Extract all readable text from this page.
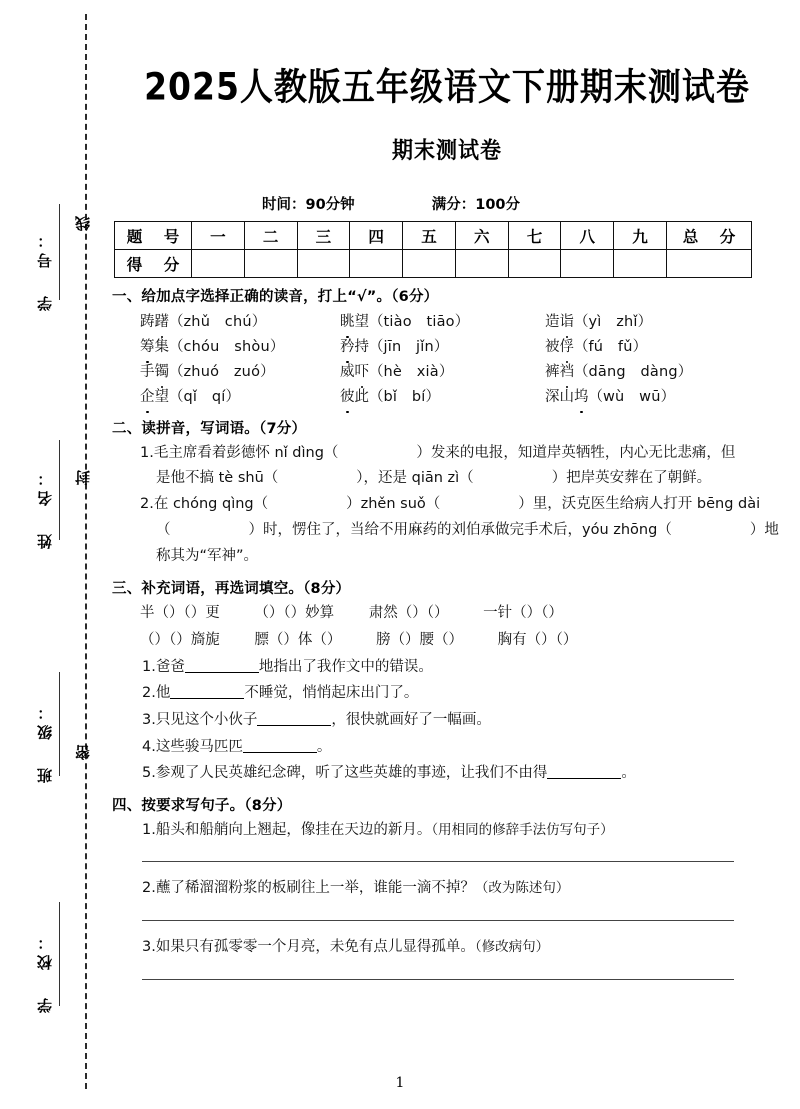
线
封
密
学 号：
姓 名：
班 级：
学 校：
2025人教版五年级语文下册期末测试卷
期末测试卷
时间：90分钟	满分：100分
题 号	一	二	三	四	五	六	七	八	九	总 分
得 分										
一、给加点字选择正确的读音，打上“√”。（6分）
踌躇（zhǔ　chú）	眺望（tiào　tiāo）	造诣（yì　zhǐ）
筹集（chóu　shòu）	矜持（jīn　jǐn）	被俘（fú　fǔ）
手镯（zhuó　zuó）	威吓（hè　xià）	裤裆（dāng　dàng）
企望（qǐ　qí）	彼此（bǐ　bí）	深山坞（wù　wū）
二、读拼音，写词语。（7分）
1.毛主席看着彭德怀 nǐ dìng（	）发来的电报，知道岸英牺牲，内心无比悲痛，但
是他不搞 tè shū（	），还是 qiān zì（	）把岸英安葬在了朝鲜。
2.在 chóng qìng（	）zhěn suǒ（	）里，沃克医生给病人打开 bēng dài
（	）时，愣住了，当给不用麻药的刘伯承做完手术后，yóu zhōng（	）地
称其为“军神”。
三、补充词语，再选词填空。（8分）
半（）（）更 （）（）妙算 肃然（）（） 一针（）（）
（）（）旖旎 膘（）体（） 膀（）腰（） 胸有（）（）
1.爸爸	地指出了我作文中的错误。
2.他	不睡觉，悄悄起床出门了。
3.只见这个小伙子	，很快就画好了一幅画。
4.这些骏马匹匹	。
5.参观了人民英雄纪念碑，听了这些英雄的事迹，让我们不由得	。
四、按要求写句子。（8分）
1.船头和船艄向上翘起，像挂在天边的新月。（用相同的修辞手法仿写句子）
2.蘸了稀溜溜粉浆的板刷往上一举，谁能一滴不掉？（改为陈述句）
3.如果只有孤零零一个月亮，未免有点儿显得孤单。（修改病句）
1
